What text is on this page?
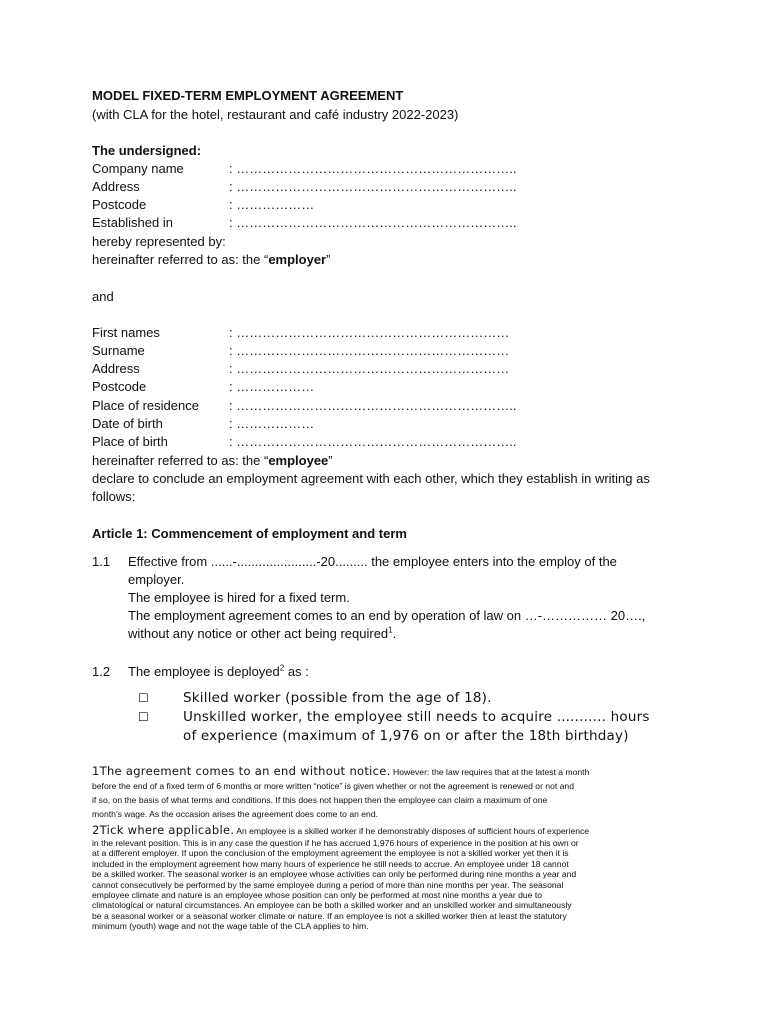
MODEL FIXED-TERM EMPLOYMENT AGREEMENT
(with CLA for the hotel, restaurant and café industry 2022-2023)
The undersigned:
Company name	: ………………………………………………………..
Address	: ………………………………………………………..
Postcode	: ………………
Established in	: ………………………………………………………..
hereby represented by:
hereinafter referred to as: the “employer”
and
First names	: ………………………………………………………
Surname	: ………………………………………………………
Address	: ………………………………………………………
Postcode	: ………………
Place of residence : ………………………………………………………..
Date of birth	: ………………
Place of birth	: ………………………………………………………..
hereinafter referred to as: the “employee”
declare to conclude an employment agreement with each other, which they establish in writing as
follows:
Article 1: Commencement of employment and term
1.1 Effective from ......-......................-20......... the employee enters into the employ of the
employer.
The employee is hired for a fixed term.
The employment agreement comes to an end by operation of law on …-…………… 20….,
without any notice or other act being required$^1$.
1.2 The employee is deployed$^2$ as :
☐	Skilled worker (possible from the age of 18).
☐	Unskilled worker, the employee still needs to acquire ........... hours
of experience (maximum of 1,976 on or after the 18th birthday)
1The agreement comes to an end without notice. However: the law requires that at the latest a month
before the end of a fixed term of 6 months or more written “notice” is given whether or not the agreement is renewed or not and
if so, on the basis of what terms and conditions. If this does not happen then the employee can claim a maximum of one
month’s wage. As the occasion arises the agreement does come to an end.
2Tick where applicable. An employee is a skilled worker if he demonstrably disposes of sufficient hours of experience
in the relevant position. This is in any case the question if he has accrued 1,976 hours of experience in the position at his own or
at a different employer. If upon the conclusion of the employment agreement the employee is not a skilled worker yet then it is
included in the employment agreement how many hours of experience he still needs to accrue. An employee under 18 cannot
be a skilled worker. The seasonal worker is an employee whose activities can only be performed during nine months a year and
cannot consecutively be performed by the same employee during a period of more than nine months per year. The seasonal
employee climate and nature is an employee whose position can only be performed at most nine months a year due to
climatological or natural circumstances. An employee can be both a skilled worker and an unskilled worker and simultaneously
be a seasonal worker or a seasonal worker climate or nature. If an employee is not a skilled worker then at least the statutory
minimum (youth) wage and not the wage table of the CLA applies to him.
